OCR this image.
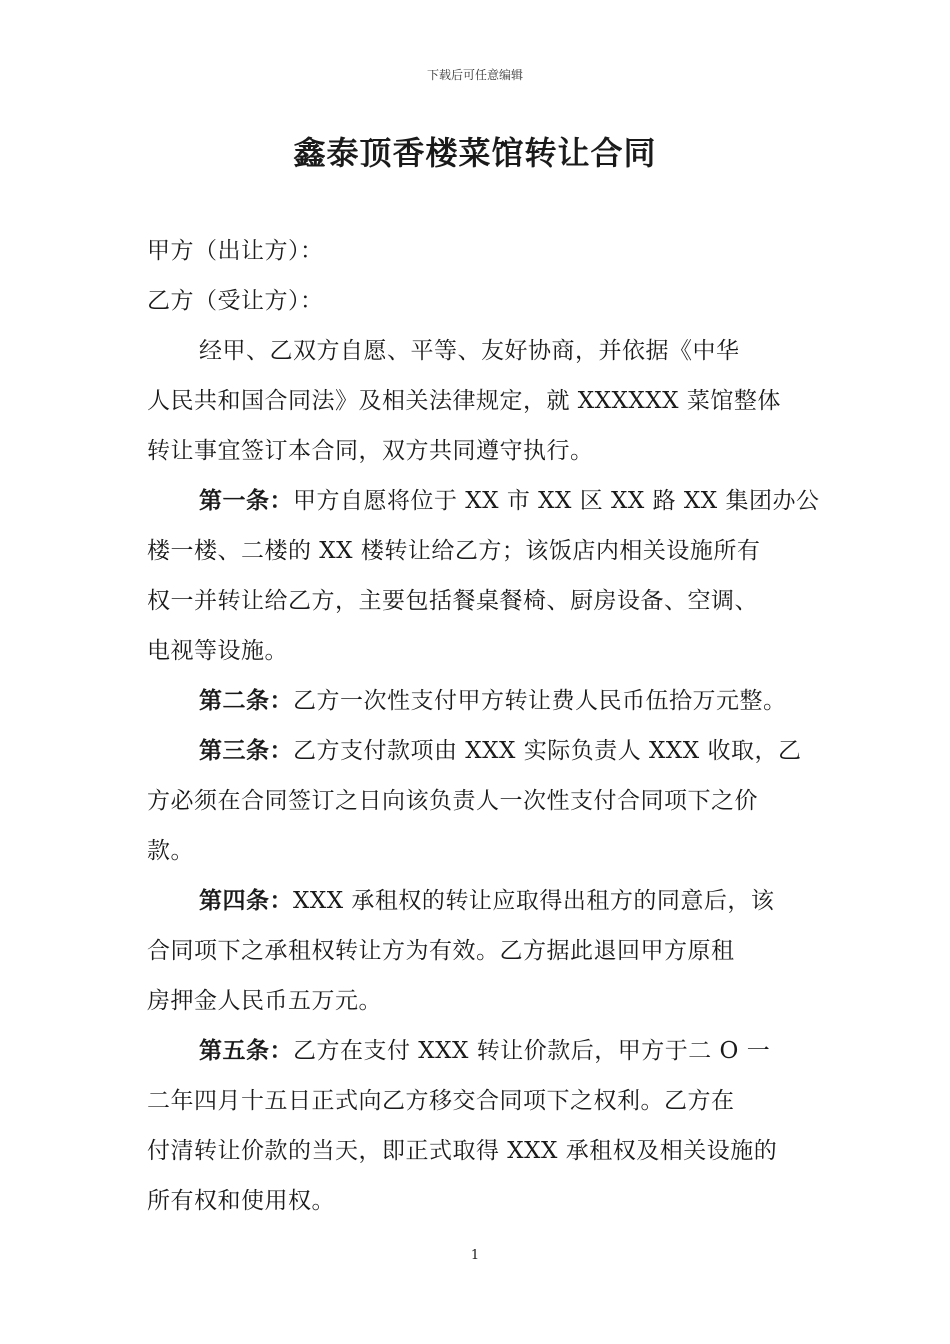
下载后可任意编辑
鑫泰顶香楼菜馆转让合同

甲方（出让方）：

乙方（受让方）：

经甲、乙双方自愿、平等、友好协商，并依据《中华
人民共和国合同法》及相关法律规定，就 XXXXXX 菜馆整体
转让事宜签订本合同，双方共同遵守执行。
第一条：甲方自愿将位于 XX 市 XX 区 XX 路 XX 集团办公
楼一楼、二楼的 XX 楼转让给乙方；该饭店内相关设施所有
权一并转让给乙方，主要包括餐桌餐椅、厨房设备、空调、
电视等设施。
第二条：乙方一次性支付甲方转让费人民币伍拾万元整。
第三条：乙方支付款项由 XXX 实际负责人 XXX 收取，乙
方必须在合同签订之日向该负责人一次性支付合同项下之价
款。
第四条：XXX 承租权的转让应取得出租方的同意后，该
合同项下之承租权转让方为有效。乙方据此退回甲方原租
房押金人民币五万元。
第五条：乙方在支付 XXX 转让价款后，甲方于二 O 一
二年四月十五日正式向乙方移交合同项下之权利。乙方在
付清转让价款的当天，即正式取得 XXX 承租权及相关设施的
所有权和使用权。
1
